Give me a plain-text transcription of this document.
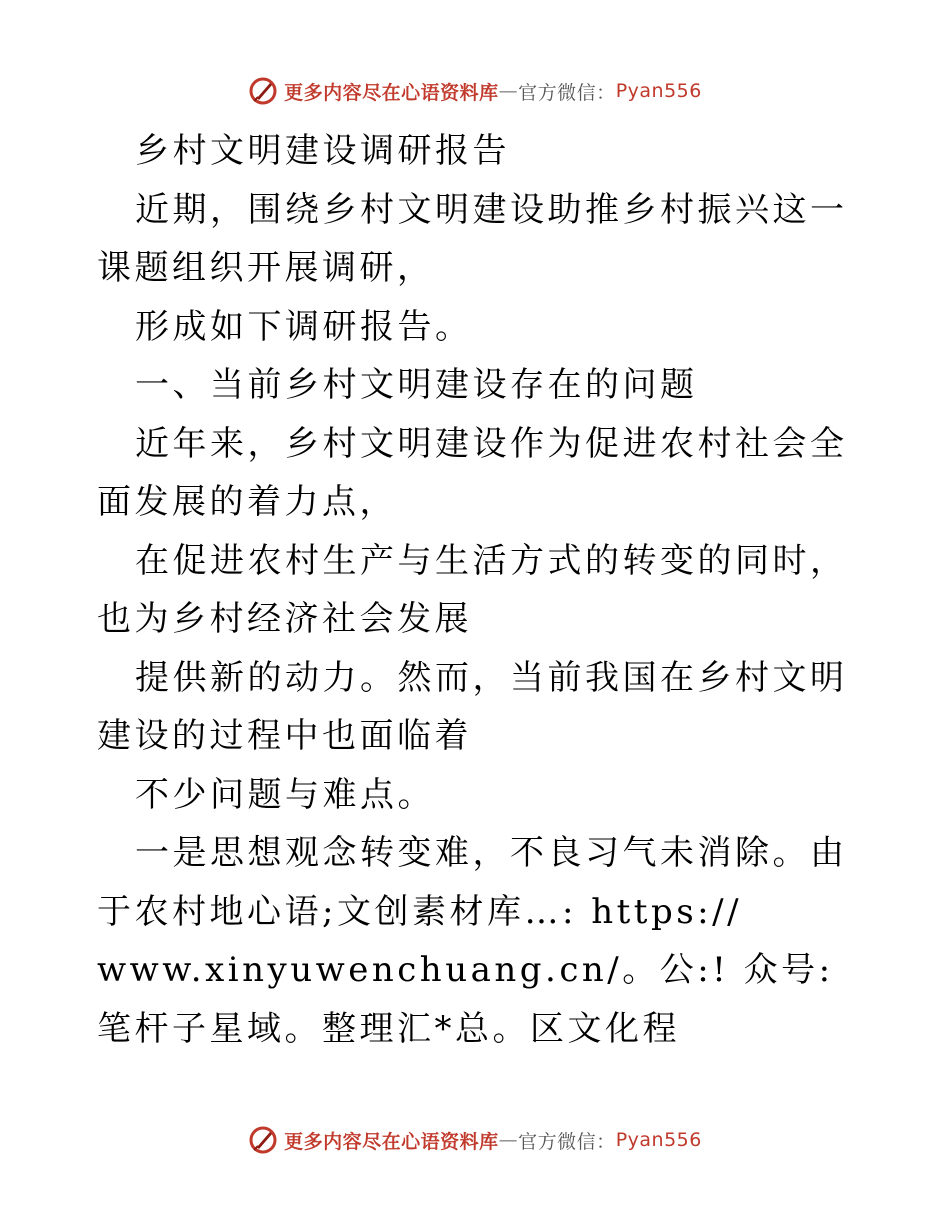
更多内容尽在心语资料库 — 官方微信： Pyan556

乡村文明建设调研报告

近期，围绕乡村文明建设助推乡村振兴这一课题组织开展调研，

形成如下调研报告。

一、当前乡村文明建设存在的问题

近年来，乡村文明建设作为促进农村社会全面发展的着力点，

在促进农村生产与生活方式的转变的同时，也为乡村经济社会发展

提供新的动力。然而，当前我国在乡村文明建设的过程中也面临着

不少问题与难点。

一是思想观念转变难，不良习气未消除。由于农村地心语;文创素材库…: https://

www.xinyuwenchuang.cn/。公:! 众号: 笔杆子星域。整理汇*总。区文化程

更多内容尽在心语资料库 — 官方微信： Pyan556
